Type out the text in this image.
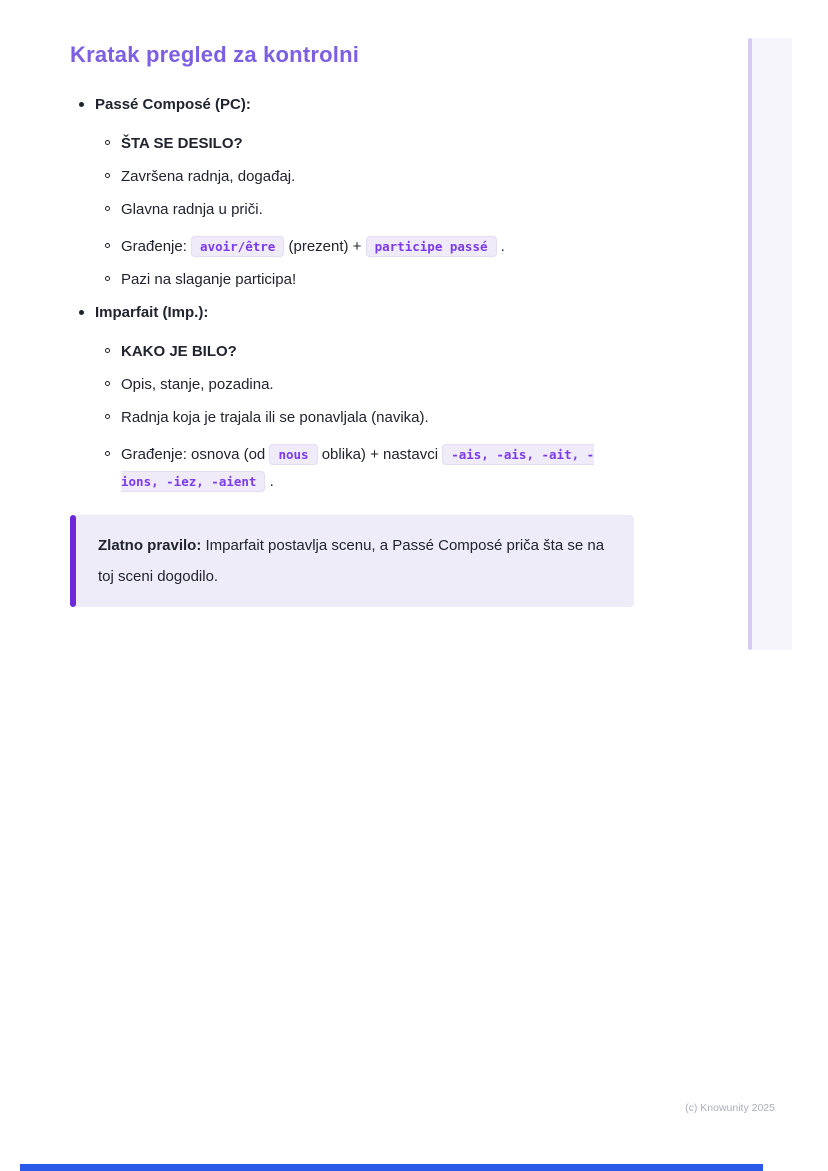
Kratak pregled za kontrolni
Passé Composé (PC):
ŠTA SE DESILO?
Završena radnja, događaj.
Glavna radnja u priči.
Građenje: avoir/être (prezent) + participe passé .
Pazi na slaganje participa!
Imparfait (Imp.):
KAKO JE BILO?
Opis, stanje, pozadina.
Radnja koja je trajala ili se ponavljala (navika).
Građenje: osnova (od nous oblika) + nastavci -ais, -ais, -ait, -ions, -iez, -aient .
Zlatno pravilo: Imparfait postavlja scenu, a Passé Composé priča šta se na toj sceni dogodilo.
(c) Knowunity 2025
